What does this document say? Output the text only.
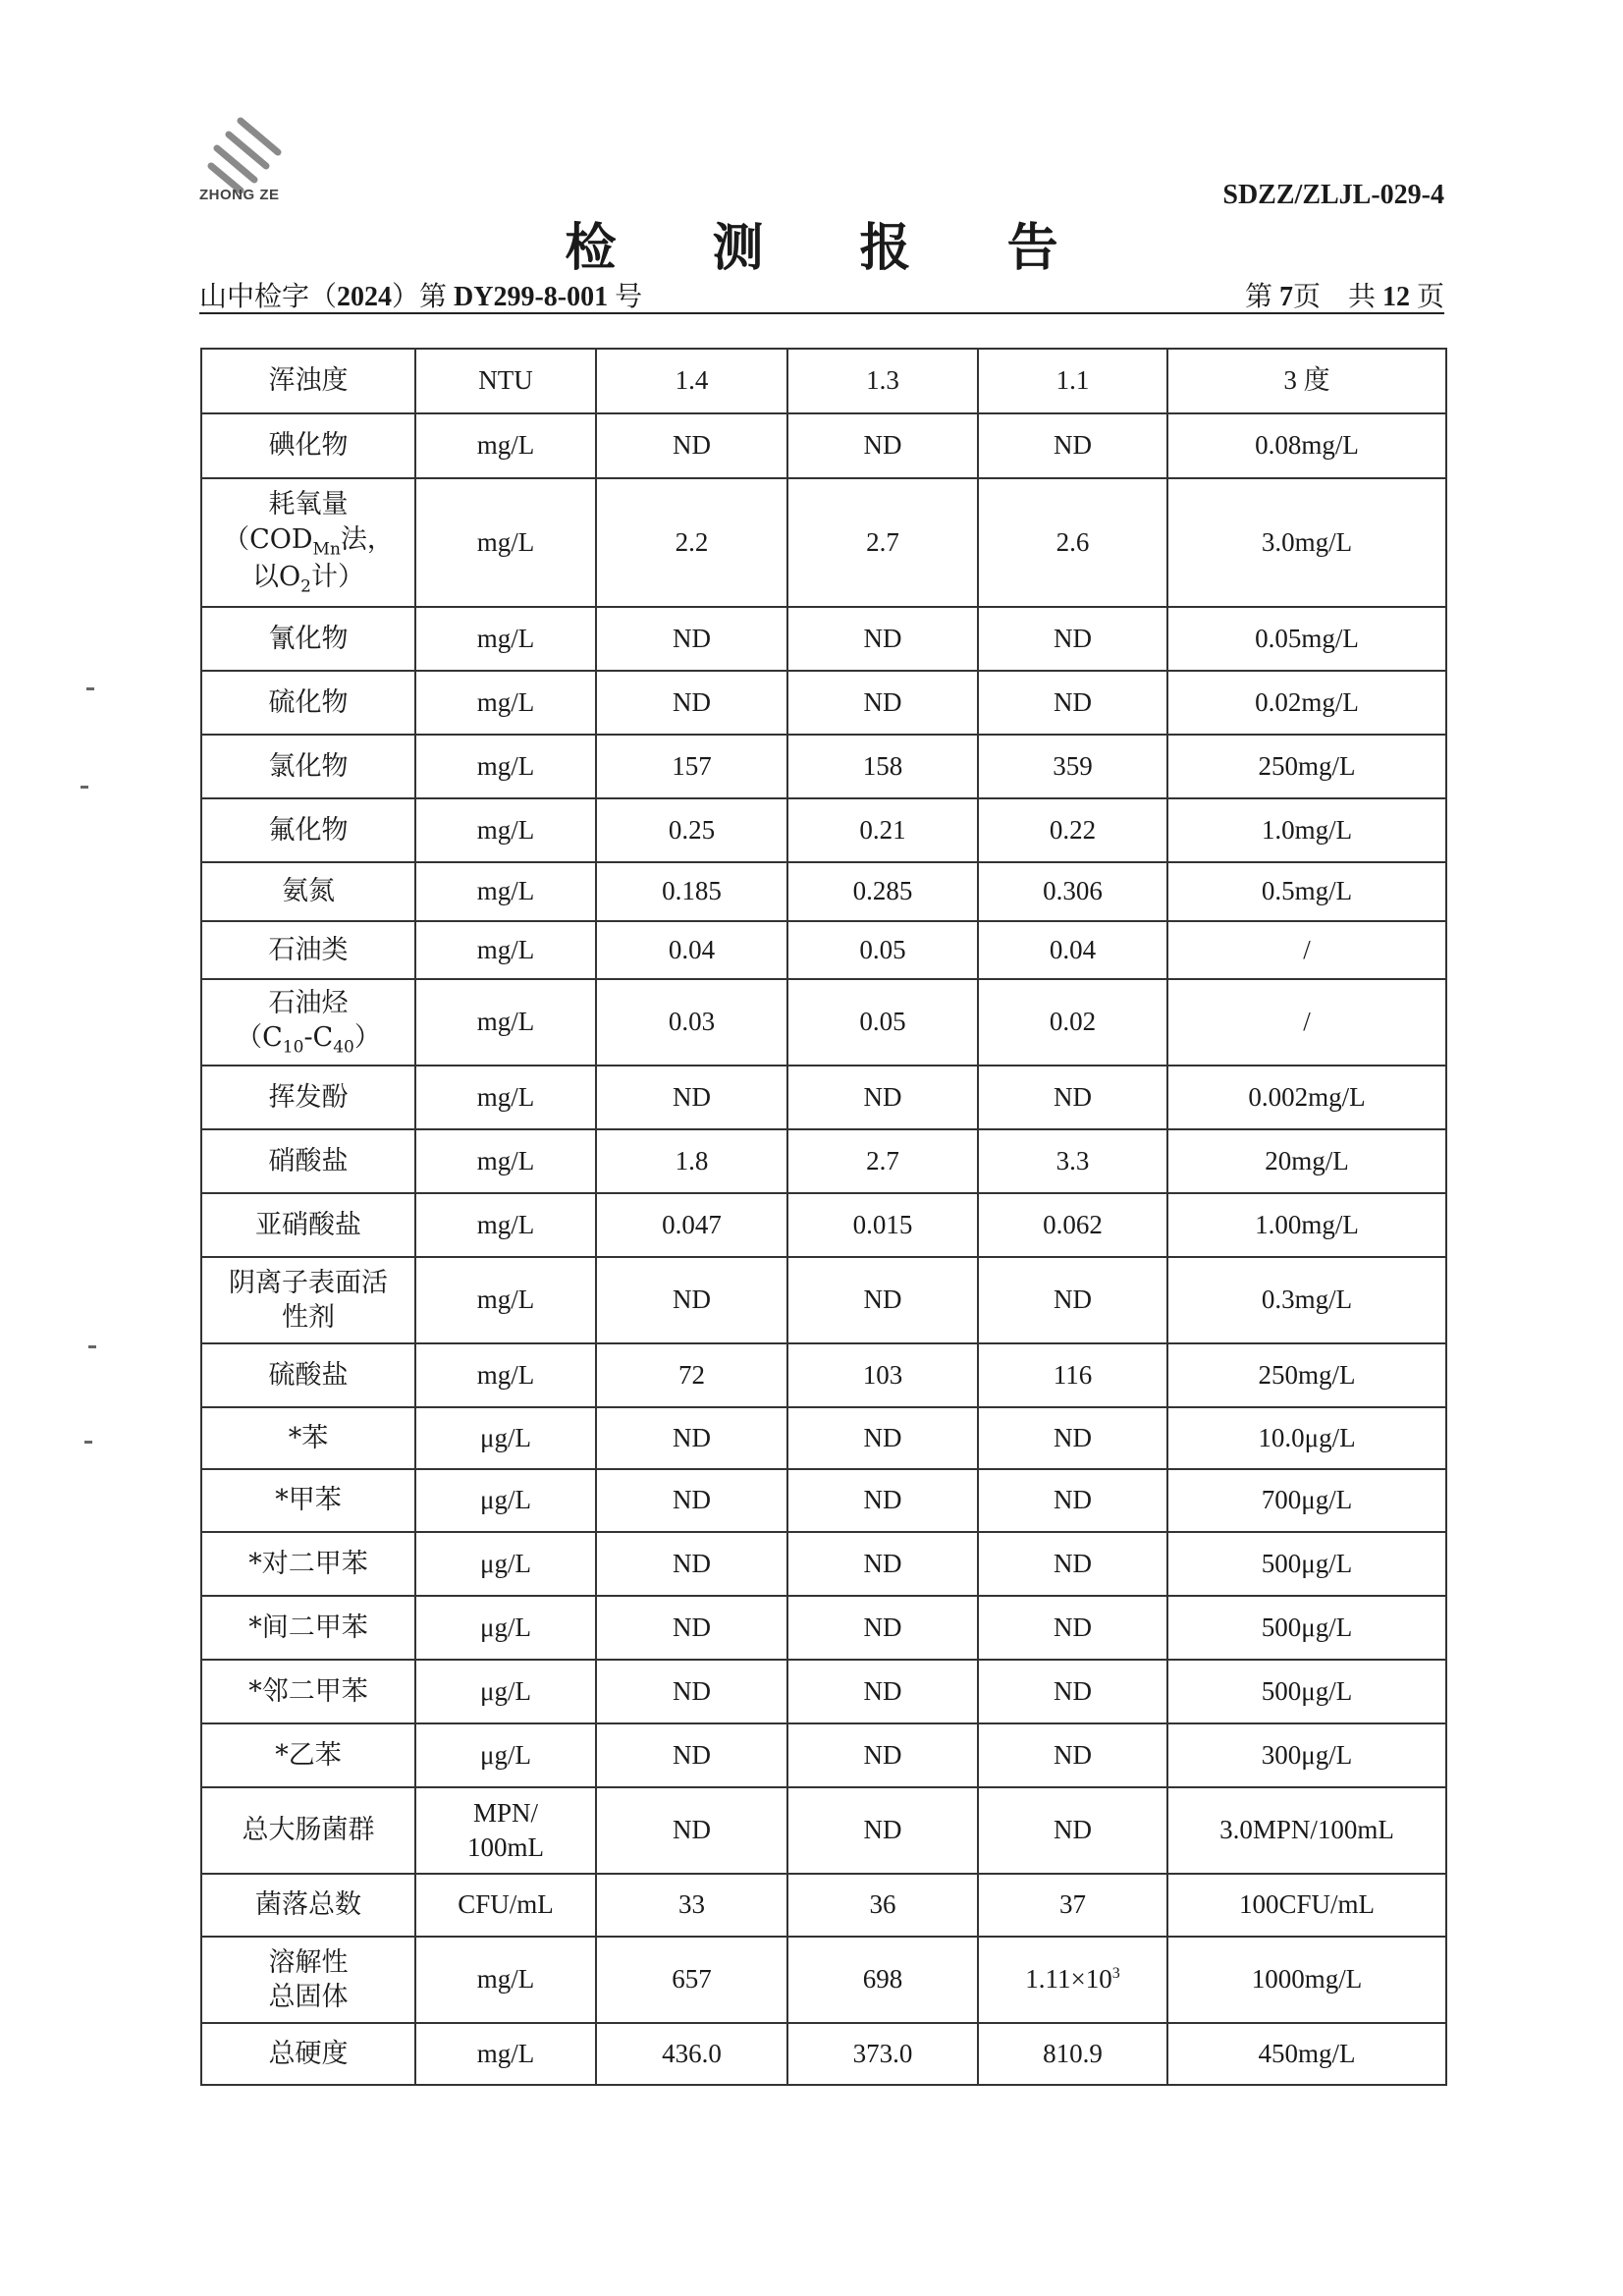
ZHONG ZE	SDZZ/ZLJL-029-4
检 测 报 告
山中检字（2024）第 DY299-8-001 号	第 7页　共 12 页
浑浊度	NTU	1.4	1.3	1.1	3 度
碘化物	mg/L	ND	ND	ND	0.08mg/L
耗氧量
（$COD_{Mn}$法，
以$O_2$计）	mg/L	2.2	2.7	2.6	3.0mg/L
氰化物	mg/L	ND	ND	ND	0.05mg/L
硫化物	mg/L	ND	ND	ND	0.02mg/L
氯化物	mg/L	157	158	359	250mg/L
氟化物	mg/L	0.25	0.21	0.22	1.0mg/L
氨氮	mg/L	0.185	0.285	0.306	0.5mg/L
石油类	mg/L	0.04	0.05	0.04	/
石油烃
$(C_{10}-C_{40})$	mg/L	0.03	0.05	0.02	/
挥发酚	mg/L	ND	ND	ND	0.002mg/L
硝酸盐	mg/L	1.8	2.7	3.3	20mg/L
亚硝酸盐	mg/L	0.047	0.015	0.062	1.00mg/L
阴离子表面活
性剂	mg/L	ND	ND	ND	0.3mg/L
硫酸盐	mg/L	72	103	116	250mg/L
*苯	μg/L	ND	ND	ND	10.0μg/L
*甲苯	μg/L	ND	ND	ND	700μg/L
*对二甲苯	μg/L	ND	ND	ND	500μg/L
*间二甲苯	μg/L	ND	ND	ND	500μg/L
*邻二甲苯	μg/L	ND	ND	ND	500μg/L
*乙苯	μg/L	ND	ND	ND	300μg/L
总大肠菌群	MPN/
100mL	ND	ND	ND	3.0MPN/100mL
菌落总数	CFU/mL	33	36	37	100CFU/mL
溶解性
总固体	mg/L	657	698	$1.11\times 10^3$	1000mg/L
总硬度	mg/L	436.0	373.0	810.9	450mg/L
